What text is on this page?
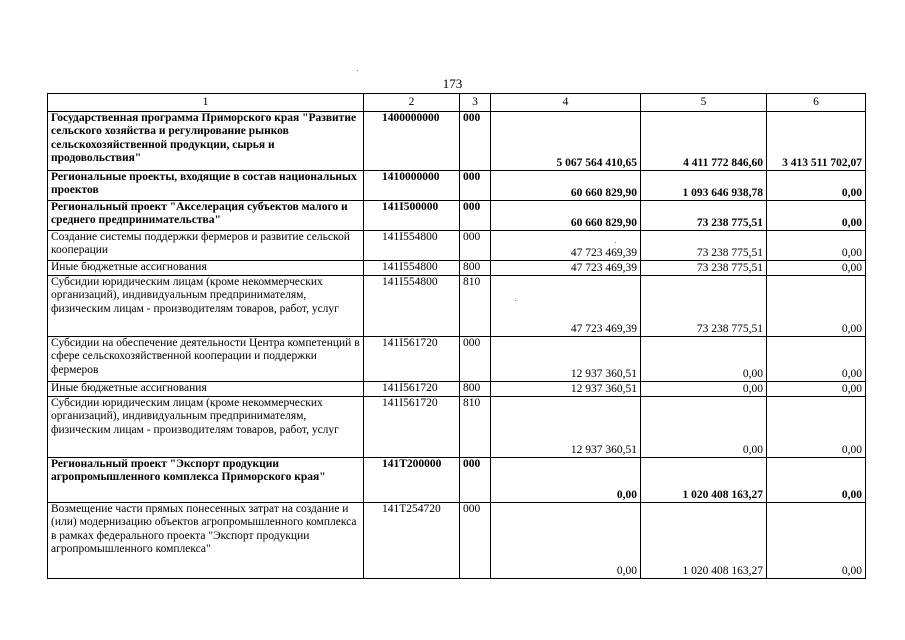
173
1	2	3	4	5	6
Государственная программа Приморского края "Развитие сельского хозяйства и регулирование рынков сельскохозяйственной продукции, сырья и продовольствия"	1400000000	000	5 067 564 410,65	4 411 772 846,60	3 413 511 702,07
Региональные проекты, входящие в состав национальных проектов	1410000000	000	60 660 829,90	1 093 646 938,78	0,00
Региональный проект "Акселерация субъектов малого и среднего предпринимательства"	141I500000	000	60 660 829,90	73 238 775,51	0,00
Создание системы поддержки фермеров и развитие сельской кооперации	141I554800	000	47 723 469,39	73 238 775,51	0,00
Иные бюджетные ассигнования	141I554800	800	47 723 469,39	73 238 775,51	0,00
Субсидии юридическим лицам (кроме некоммерческих организаций), индивидуальным предпринимателям, физическим лицам - производителям товаров, работ, услуг	141I554800	810	47 723 469,39	73 238 775,51	0,00
Субсидии на обеспечение деятельности Центра компетенций в сфере сельскохозяйственной кооперации и поддержки фермеров	141I561720	000	12 937 360,51	0,00	0,00
Иные бюджетные ассигнования	141I561720	800	12 937 360,51	0,00	0,00
Субсидии юридическим лицам (кроме некоммерческих организаций), индивидуальным предпринимателям, физическим лицам - производителям товаров, работ, услуг	141I561720	810	12 937 360,51	0,00	0,00
Региональный проект "Экспорт продукции агропромышленного комплекса Приморского края"	141T200000	000	0,00	1 020 408 163,27	0,00
Возмещение части прямых понесенных затрат на создание и (или) модернизацию объектов агропромышленного комплекса в рамках федерального проекта "Экспорт продукции агропромышленного комплекса"	141T254720	000	0,00	1 020 408 163,27	0,00
